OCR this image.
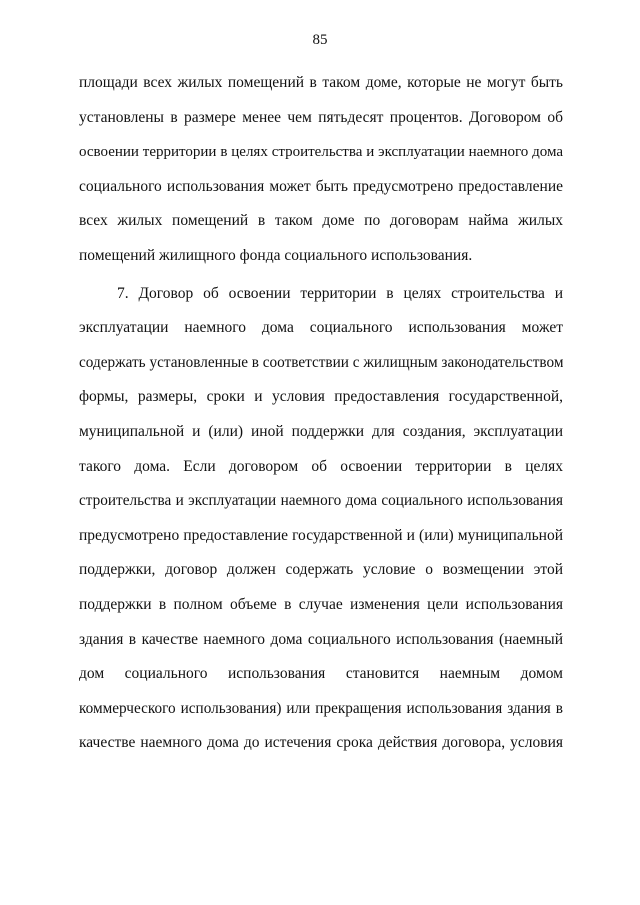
85
площади всех жилых помещений в таком доме, которые не могут быть
установлены в размере менее чем пятьдесят процентов. Договором об
освоении территории в целях строительства и эксплуатации наемного дома
социального использования может быть предусмотрено предоставление
всех жилых помещений в таком доме по договорам найма жилых
помещений жилищного фонда социального использования.
7. Договор об освоении территории в целях строительства и
эксплуатации наемного дома социального использования может
содержать установленные в соответствии с жилищным законодательством
формы, размеры, сроки и условия предоставления государственной,
муниципальной и (или) иной поддержки для создания, эксплуатации
такого дома. Если договором об освоении территории в целях
строительства и эксплуатации наемного дома социального использования
предусмотрено предоставление государственной и (или) муниципальной
поддержки, договор должен содержать условие о возмещении этой
поддержки в полном объеме в случае изменения цели использования
здания в качестве наемного дома социального использования (наемный
дом социального использования становится наемным домом
коммерческого использования) или прекращения использования здания в
качестве наемного дома до истечения срока действия договора, условия
